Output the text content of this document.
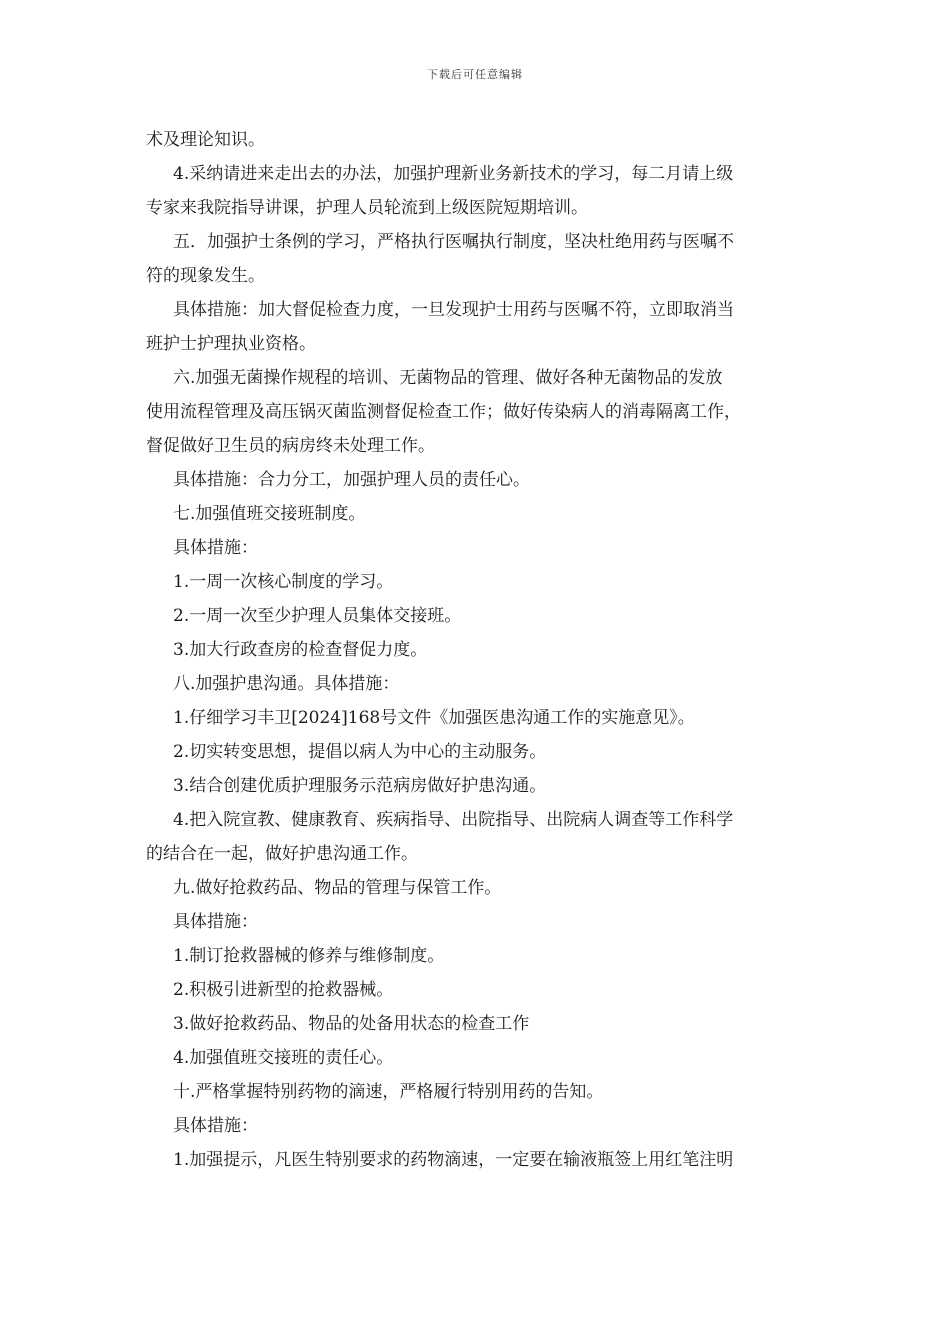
下载后可任意编辑

术及理论知识。

4.采纳请进来走出去的办法，加强护理新业务新技术的学习，每二月请上级

专家来我院指导讲课，护理人员轮流到上级医院短期培训。

五．加强护士条例的学习，严格执行医嘱执行制度，坚决杜绝用药与医嘱不

符的现象发生。

具体措施：加大督促检查力度，一旦发现护士用药与医嘱不符，立即取消当

班护士护理执业资格。

六.加强无菌操作规程的培训、无菌物品的管理、做好各种无菌物品的发放

使用流程管理及高压锅灭菌监测督促检查工作；做好传染病人的消毒隔离工作，

督促做好卫生员的病房终未处理工作。

具体措施：合力分工，加强护理人员的责任心。

七.加强值班交接班制度。

具体措施：

1.一周一次核心制度的学习。

2.一周一次至少护理人员集体交接班。

3.加大行政查房的检查督促力度。

八.加强护患沟通。具体措施：

1.仔细学习丰卫[2024]168号文件《加强医患沟通工作的实施意见》。

2.切实转变思想，提倡以病人为中心的主动服务。

3.结合创建优质护理服务示范病房做好护患沟通。

4.把入院宣教、健康教育、疾病指导、出院指导、出院病人调查等工作科学

的结合在一起，做好护患沟通工作。

九.做好抢救药品、物品的管理与保管工作。

具体措施：

1.制订抢救器械的修养与维修制度。

2.积极引进新型的抢救器械。

3.做好抢救药品、物品的处备用状态的检查工作

4.加强值班交接班的责任心。

十.严格掌握特别药物的滴速，严格履行特别用药的告知。

具体措施：

1.加强提示，凡医生特别要求的药物滴速，一定要在输液瓶签上用红笔注明
